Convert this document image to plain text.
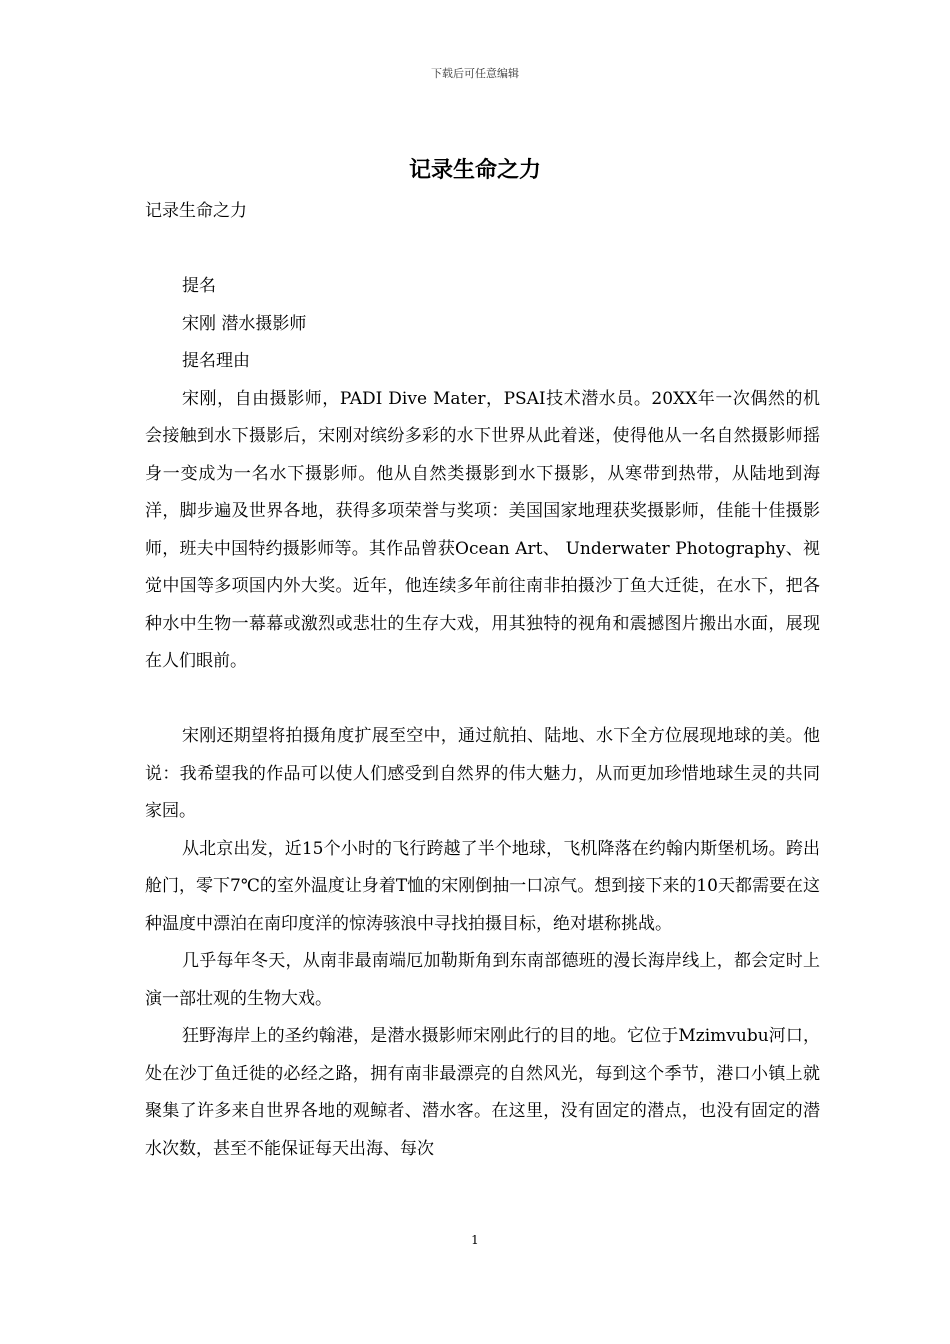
下载后可任意编辑
记录生命之力

记录生命之力

提名

宋刚 潜水摄影师

提名理由

宋刚，自由摄影师，PADI Dive Mater，PSAI技术潜水员。20XX年一次偶然的机会接触到水下摄影后，宋刚对缤纷多彩的水下世界从此着迷，使得他从一名自然摄影师摇身一变成为一名水下摄影师。他从自然类摄影到水下摄影，从寒带到热带，从陆地到海洋，脚步遍及世界各地，获得多项荣誉与奖项：美国国家地理获奖摄影师，佳能十佳摄影师，班夫中国特约摄影师等。其作品曾获Ocean Art、 Underwater Photography、视觉中国等多项国内外大奖。近年，他连续多年前往南非拍摄沙丁鱼大迁徙，在水下，把各种水中生物一幕幕或激烈或悲壮的生存大戏，用其独特的视角和震撼图片搬出水面，展现在人们眼前。

宋刚还期望将拍摄角度扩展至空中，通过航拍、陆地、水下全方位展现地球的美。他说：我希望我的作品可以使人们感受到自然界的伟大魅力，从而更加珍惜地球生灵的共同家园。

从北京出发，近15个小时的飞行跨越了半个地球，飞机降落在约翰内斯堡机场。跨出舱门，零下7℃的室外温度让身着T恤的宋刚倒抽一口凉气。想到接下来的10天都需要在这种温度中漂泊在南印度洋的惊涛骇浪中寻找拍摄目标，绝对堪称挑战。

几乎每年冬天，从南非最南端厄加勒斯角到东南部德班的漫长海岸线上，都会定时上演一部壮观的生物大戏。

狂野海岸上的圣约翰港，是潜水摄影师宋刚此行的目的地。它位于Mzimvubu河口，处在沙丁鱼迁徙的必经之路，拥有南非最漂亮的自然风光，每到这个季节，港口小镇上就聚集了许多来自世界各地的观鲸者、潜水客。在这里，没有固定的潜点，也没有固定的潜水次数，甚至不能保证每天出海、每次

1
